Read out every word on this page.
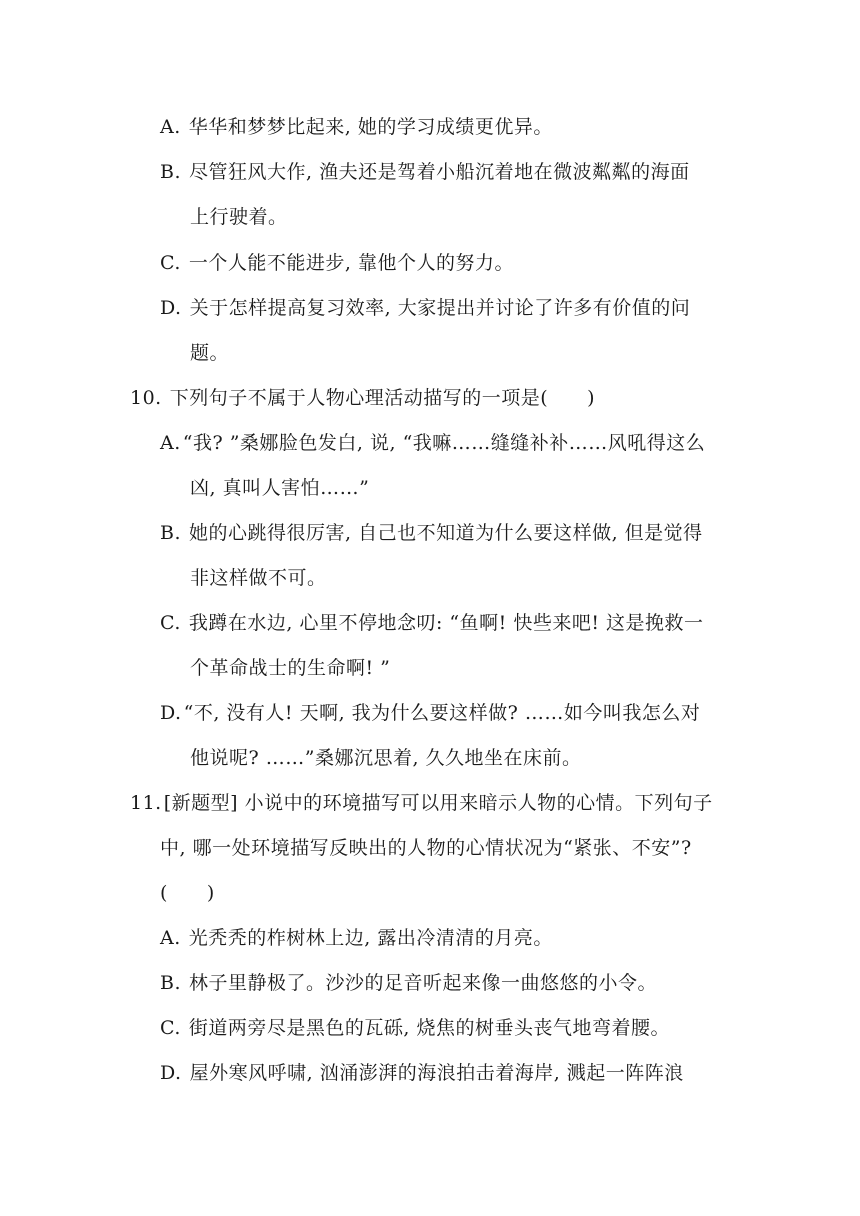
A. 华华和梦梦比起来, 她的学习成绩更优异。
B. 尽管狂风大作, 渔夫还是驾着小船沉着地在微波粼粼的海面
上行驶着。
C. 一个人能不能进步, 靠他个人的努力。
D. 关于怎样提高复习效率, 大家提出并讨论了许多有价值的问
题。
10. 下列句子不属于人物心理活动描写的一项是(　　)
A. “我? ”桑娜脸色发白, 说, “我嘛……缝缝补补……风吼得这么
凶, 真叫人害怕……”
B. 她的心跳得很厉害, 自己也不知道为什么要这样做, 但是觉得
非这样做不可。
C. 我蹲在水边, 心里不停地念叨: “鱼啊! 快些来吧! 这是挽救一
个革命战士的生命啊! ”
D. “不, 没有人! 天啊, 我为什么要这样做? ……如今叫我怎么对
他说呢? ……”桑娜沉思着, 久久地坐在床前。
11. [新题型] 小说中的环境描写可以用来暗示人物的心情。下列句子
中, 哪一处环境描写反映出的人物的心情状况为“紧张、不安”?
(　　)
A. 光秃秃的柞树林上边, 露出冷清清的月亮。
B. 林子里静极了。沙沙的足音听起来像一曲悠悠的小令。
C. 街道两旁尽是黑色的瓦砾, 烧焦的树垂头丧气地弯着腰。
D. 屋外寒风呼啸, 汹涌澎湃的海浪拍击着海岸, 溅起一阵阵浪
